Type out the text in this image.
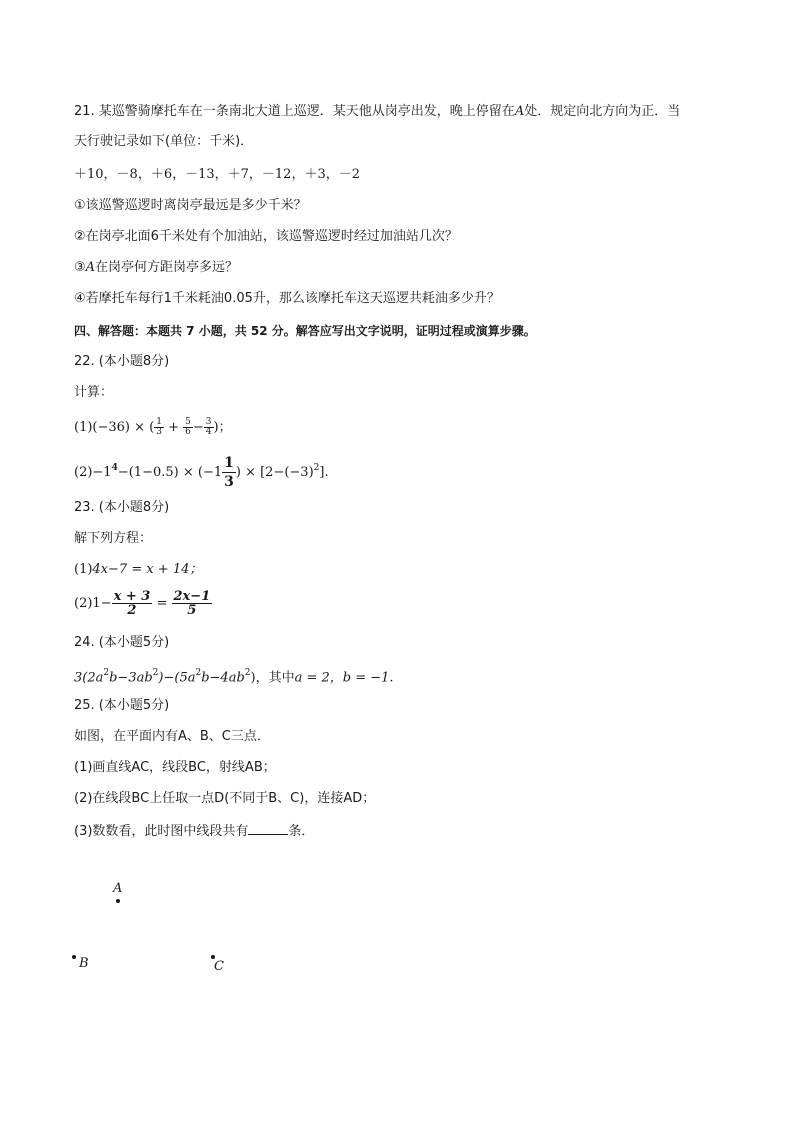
21. 某巡警骑摩托车在一条南北大道上巡逻．某天他从岗亭出发，晚上停留在A处．规定向北方向为正．当
天行驶记录如下(单位：千米)．
＋10，－8，＋6，－13，＋7，－12，＋3，－2
①该巡警巡逻时离岗亭最远是多少千米？
②在岗亭北面6千米处有个加油站，该巡警巡逻时经过加油站几次？
③A在岗亭何方距岗亭多远？
④若摩托车每行1千米耗油0.05升，那么该摩托车这天巡逻共耗油多少升？
四、解答题：本题共 7 小题，共 52 分。解答应写出文字说明，证明过程或演算步骤。
22. (本小题8分)
计算：
(1)(−36) × ( $\frac{1}{3} + \frac{5}{6} - \frac{3}{4}$ )；
$(2)-1^4-(1-0.5) \times (-1 \frac{1}{3}$ ) × $[2-(-3)^2]$.
23. (本小题8分)
解下列方程：
(1)4x−7 = x + 14；
$(2)1- \frac{x + 3}{2} = \frac{2x-1}{5}$
24. (本小题5分)
$3(2a^2b-3ab^2)-(5a^2b-4ab^2)$，其中a = 2，b = −1.
25. (本小题5分)
如图，在平面内有A、B、C三点．
(1)画直线AC，线段BC，射线AB；
(2)在线段BC上任取一点D(不同于B、C)，连接AD；
(3)数数看，此时图中线段共有	条．
A
B	C
